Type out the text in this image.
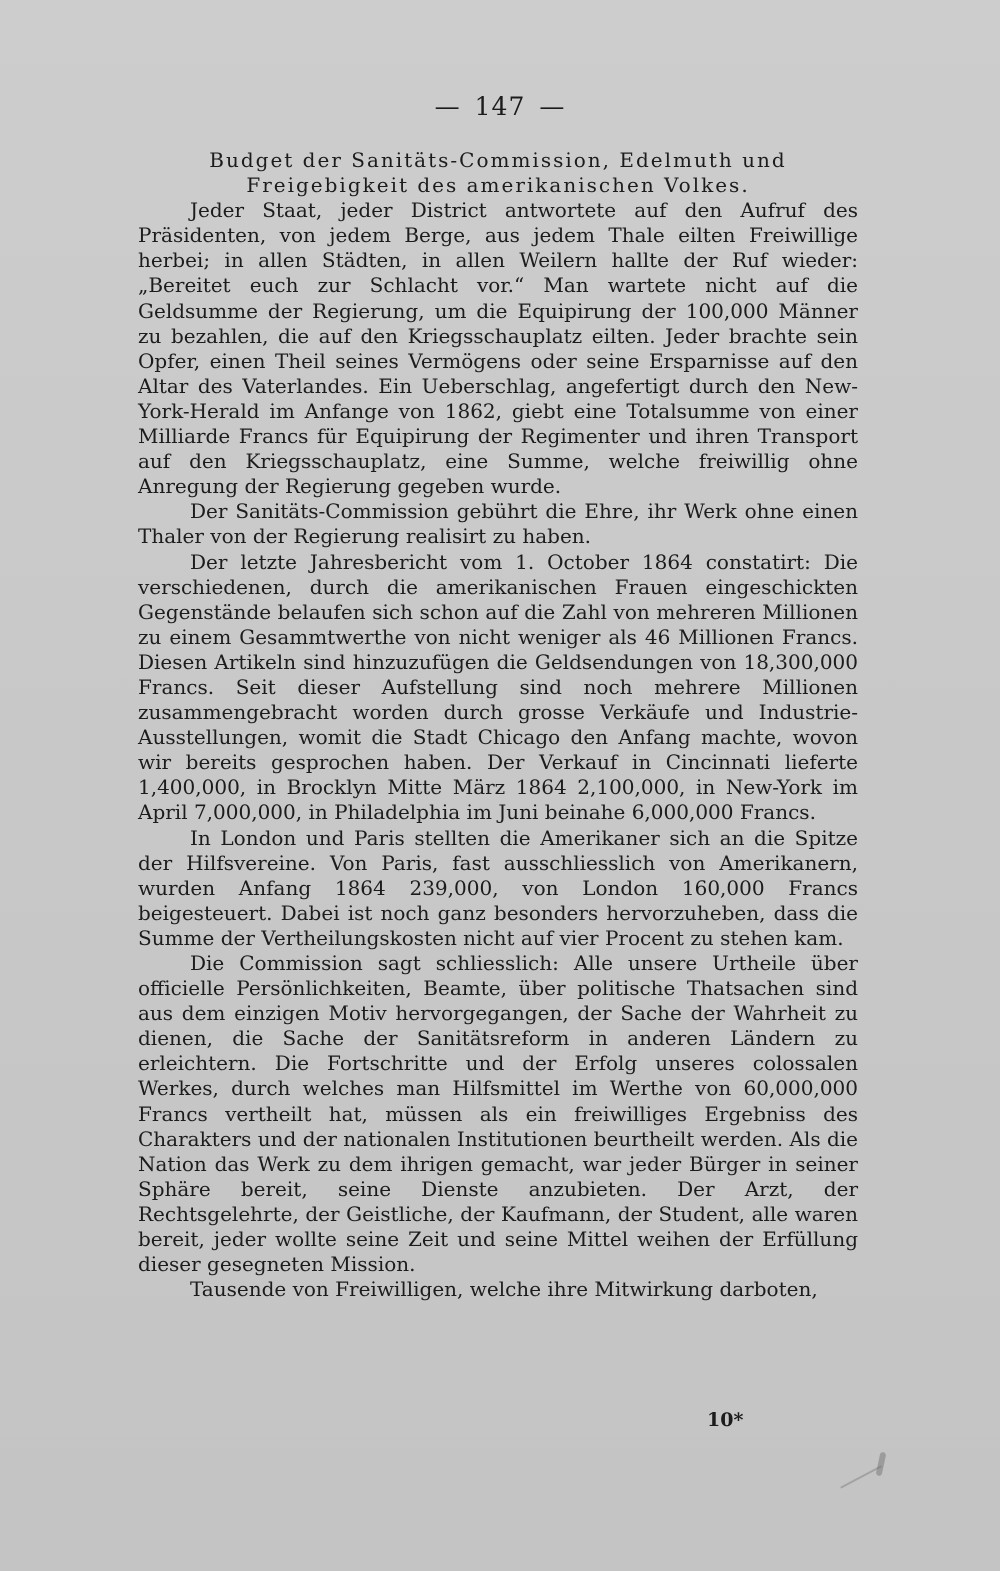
— 147 —

Budget der Sanitäts-Commission, Edelmuth und Freigebigkeit des amerikanischen Volkes.

Jeder Staat, jeder District antwortete auf den Aufruf des Präsidenten, von jedem Berge, aus jedem Thale eilten Freiwillige herbei; in allen Städten, in allen Weilern hallte der Ruf wieder: „Bereitet euch zur Schlacht vor.“ Man wartete nicht auf die Geldsumme der Regierung, um die Equipirung der 100,000 Männer zu bezahlen, die auf den Kriegsschauplatz eilten. Jeder brachte sein Opfer, einen Theil seines Vermögens oder seine Ersparnisse auf den Altar des Vaterlandes. Ein Ueberschlag, angefertigt durch den New-York-Herald im Anfange von 1862, giebt eine Totalsumme von einer Milliarde Francs für Equipirung der Regimenter und ihren Transport auf den Kriegsschauplatz, eine Summe, welche freiwillig ohne Anregung der Regierung gegeben wurde.

Der Sanitäts-Commission gebührt die Ehre, ihr Werk ohne einen Thaler von der Regierung realisirt zu haben.

Der letzte Jahresbericht vom 1. October 1864 constatirt: Die verschiedenen, durch die amerikanischen Frauen eingeschickten Gegenstände belaufen sich schon auf die Zahl von mehreren Millionen zu einem Gesammtwerthe von nicht weniger als 46 Millionen Francs. Diesen Artikeln sind hinzuzufügen die Geldsendungen von 18,300,000 Francs. Seit dieser Aufstellung sind noch mehrere Millionen zusammengebracht worden durch grosse Verkäufe und Industrie-Ausstellungen, womit die Stadt Chicago den Anfang machte, wovon wir bereits gesprochen haben. Der Verkauf in Cincinnati lieferte 1,400,000, in Brocklyn Mitte März 1864 2,100,000, in New-York im April 7,000,000, in Philadelphia im Juni beinahe 6,000,000 Francs.

In London und Paris stellten die Amerikaner sich an die Spitze der Hilfsvereine. Von Paris, fast ausschliesslich von Amerikanern, wurden Anfang 1864 239,000, von London 160,000 Francs beigesteuert. Dabei ist noch ganz besonders hervorzuheben, dass die Summe der Vertheilungskosten nicht auf vier Procent zu stehen kam.

Die Commission sagt schliesslich: Alle unsere Urtheile über officielle Persönlichkeiten, Beamte, über politische Thatsachen sind aus dem einzigen Motiv hervorgegangen, der Sache der Wahrheit zu dienen, die Sache der Sanitätsreform in anderen Ländern zu erleichtern. Die Fortschritte und der Erfolg unseres colossalen Werkes, durch welches man Hilfsmittel im Werthe von 60,000,000 Francs vertheilt hat, müssen als ein freiwilliges Ergebniss des Charakters und der nationalen Institutionen beurtheilt werden. Als die Nation das Werk zu dem ihrigen gemacht, war jeder Bürger in seiner Sphäre bereit, seine Dienste anzubieten. Der Arzt, der Rechtsgelehrte, der Geistliche, der Kaufmann, der Student, alle waren bereit, jeder wollte seine Zeit und seine Mittel weihen der Erfüllung dieser gesegneten Mission.

Tausende von Freiwilligen, welche ihre Mitwirkung darboten,

10*
